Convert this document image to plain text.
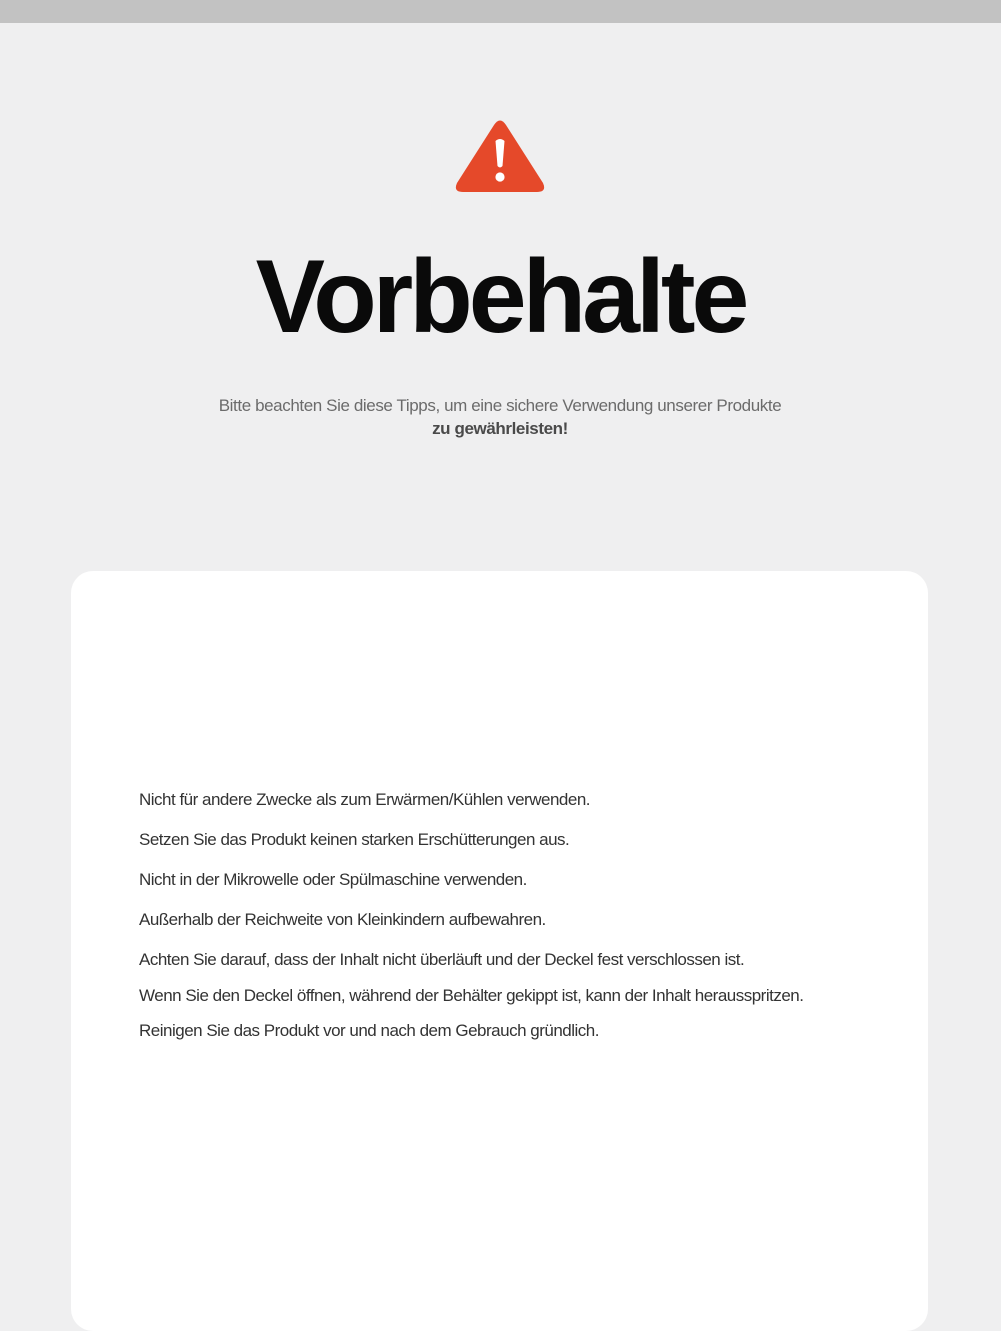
Vorbehalte
Bitte beachten Sie diese Tipps, um eine sichere Verwendung unserer Produkte
zu gewährleisten!
Nicht für andere Zwecke als zum Erwärmen/Kühlen verwenden.
Setzen Sie das Produkt keinen starken Erschütterungen aus.
Nicht in der Mikrowelle oder Spülmaschine verwenden.
Außerhalb der Reichweite von Kleinkindern aufbewahren.
Achten Sie darauf, dass der Inhalt nicht überläuft und der Deckel fest verschlossen ist.
Wenn Sie den Deckel öffnen, während der Behälter gekippt ist, kann der Inhalt herausspritzen.
Reinigen Sie das Produkt vor und nach dem Gebrauch gründlich.
